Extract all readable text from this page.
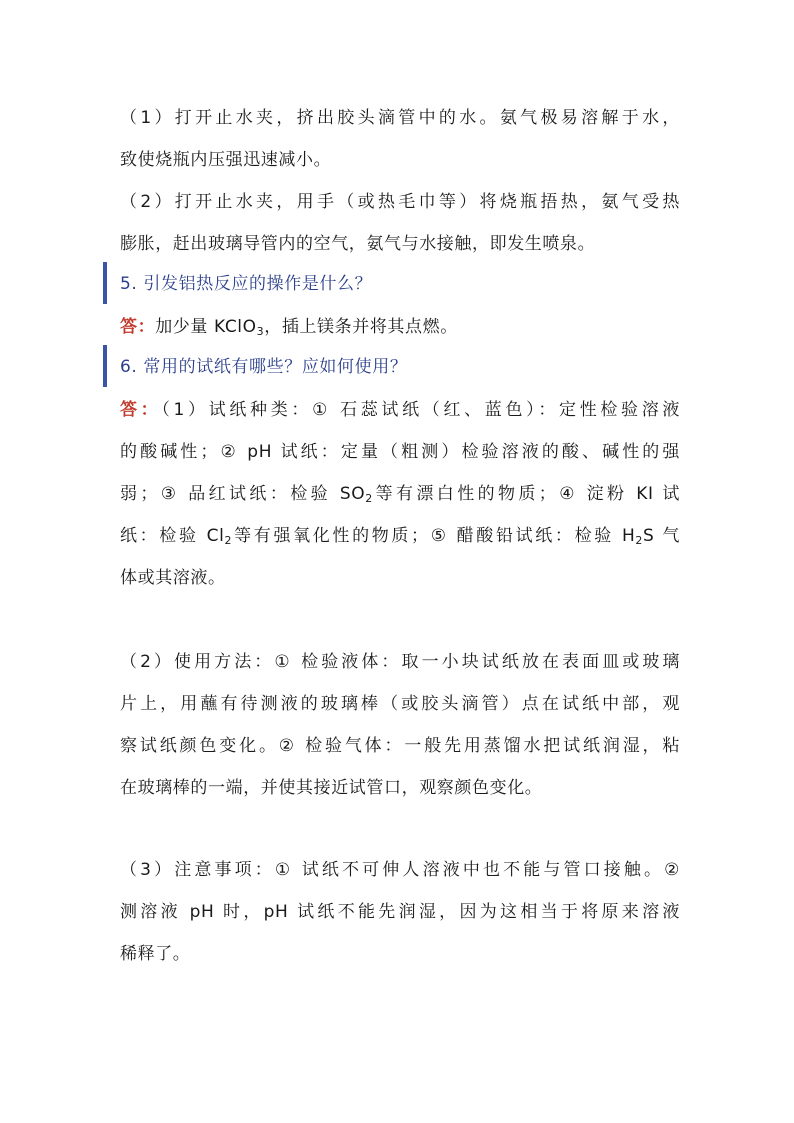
（1）打开止水夹，挤出胶头滴管中的水。氨气极易溶解于水，
致使烧瓶内压强迅速减小。
（2）打开止水夹，用手（或热毛巾等）将烧瓶捂热，氨气受热
膨胀，赶出玻璃导管内的空气，氨气与水接触，即发生喷泉。
5. 引发铝热反应的操作是什么？
答：加少量 KClO$_3$，插上镁条并将其点燃。
6. 常用的试纸有哪些？应如何使用？
答：（1）试纸种类：① 石蕊试纸（红、蓝色）：定性检验溶液
的酸碱性；② pH 试纸：定量（粗测）检验溶液的酸、碱性的强
弱；③ 品红试纸：检验 $SO_2$等有漂白性的物质；④ 淀粉 KI 试
纸：检验 $Cl_2$等有强氧化性的物质；⑤ 醋酸铅试纸：检验 $H_2S$ 气
体或其溶液。
（2）使用方法：① 检验液体：取一小块试纸放在表面皿或玻璃
片上，用蘸有待测液的玻璃棒（或胶头滴管）点在试纸中部，观
察试纸颜色变化。② 检验气体：一般先用蒸馏水把试纸润湿，粘
在玻璃棒的一端，并使其接近试管口，观察颜色变化。
（3）注意事项：① 试纸不可伸人溶液中也不能与管口接触。②
测溶液 pH 时，pH 试纸不能先润湿，因为这相当于将原来溶液
稀释了。
